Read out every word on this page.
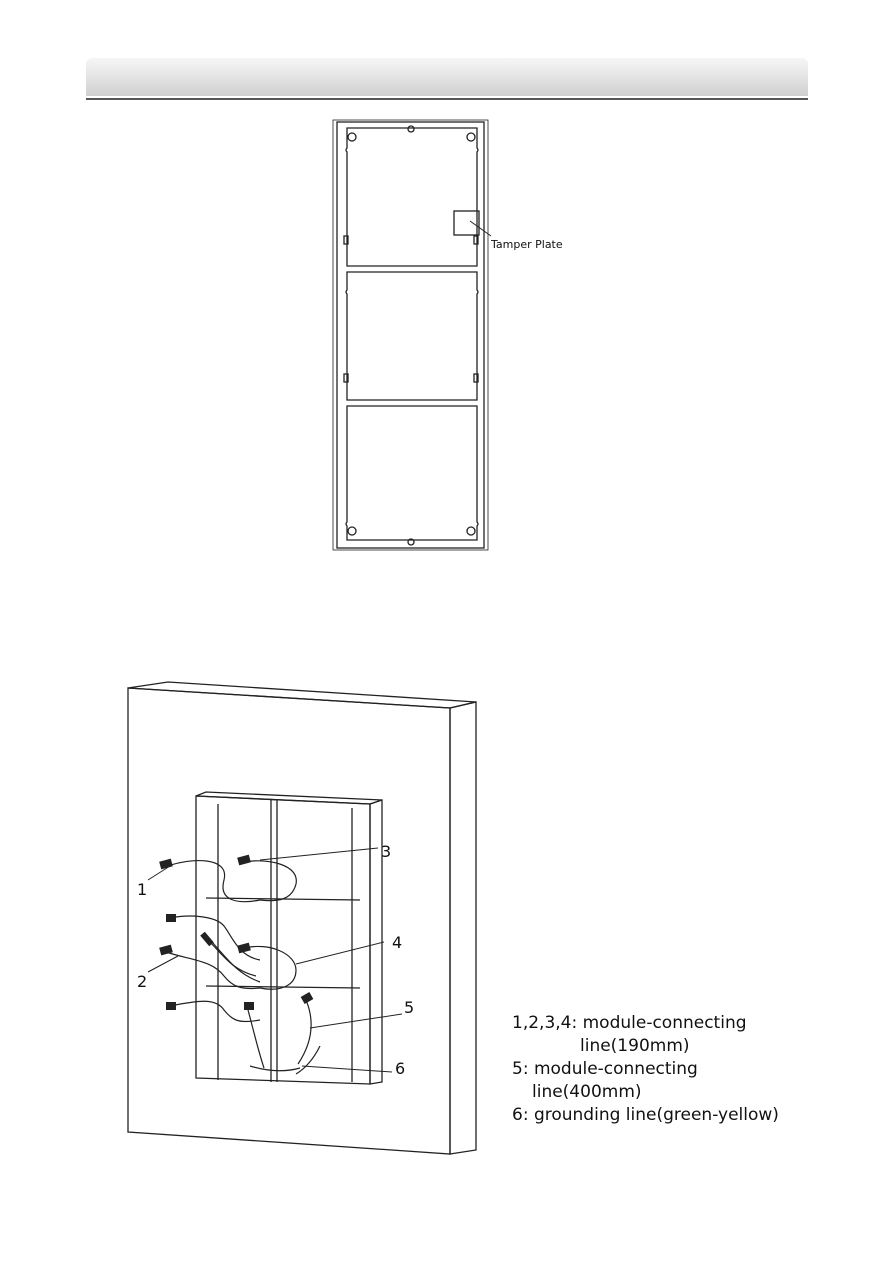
Tamper Plate
1
2
3
4
5
6
1,2,3,4: module-connecting
line(190mm)
5: module-connecting
line(400mm)
6: grounding line(green-yellow)
